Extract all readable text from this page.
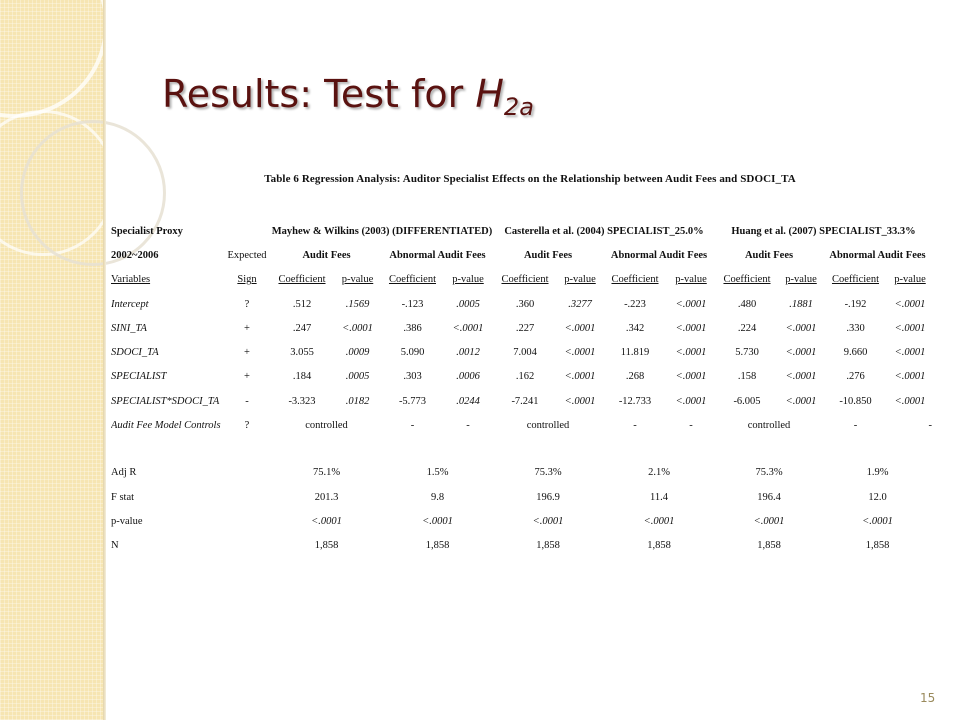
Results: Test for $H_{2a}$
Table 6 Regression Analysis: Auditor Specialist Effects on the Relationship between Audit Fees and SDOCI_TA
Specialist Proxy		Mayhew & Wilkins (2003) (DIFFERENTIATED)				Casterella et al. (2004) SPECIALIST_25.0%				Huang et al. (2007) SPECIALIST_33.3%			
2002~2006	Expected	Audit Fees		Abnormal Audit Fees		Audit Fees		Abnormal Audit Fees		Audit Fees		Abnormal Audit Fees	
Variables	Sign	Coefficient	p-value	Coefficient	p-value	Coefficient	p-value	Coefficient	p-value	Coefficient	p-value	Coefficient	p-value
Intercept	?	.512	.1569	-.123	.0005	.360	.3277	-.223	<.0001	.480	.1881	-.192	<.0001
SINI_TA	+	.247	<.0001	.386	<.0001	.227	<.0001	.342	<.0001	.224	<.0001	.330	<.0001
SDOCI_TA	+	3.055	.0009	5.090	.0012	7.004	<.0001	11.819	<.0001	5.730	<.0001	9.660	<.0001
SPECIALIST	+	.184	.0005	.303	.0006	.162	<.0001	.268	<.0001	.158	<.0001	.276	<.0001
SPECIALIST*SDOCI_TA	-	-3.323	.0182	-5.773	.0244	-7.241	<.0001	-12.733	<.0001	-6.005	<.0001	-10.850	<.0001
Audit Fee Model Controls	?	controlled		-	-	controlled		-	-	controlled		-	-

Adj R		75.1%		1.5%		75.3%		2.1%		75.3%		1.9%	
F stat		201.3		9.8		196.9		11.4		196.4		12.0	
p-value		<.0001		<.0001		<.0001		<.0001		<.0001		<.0001	
N		1,858		1,858		1,858		1,858		1,858		1,858	
15
